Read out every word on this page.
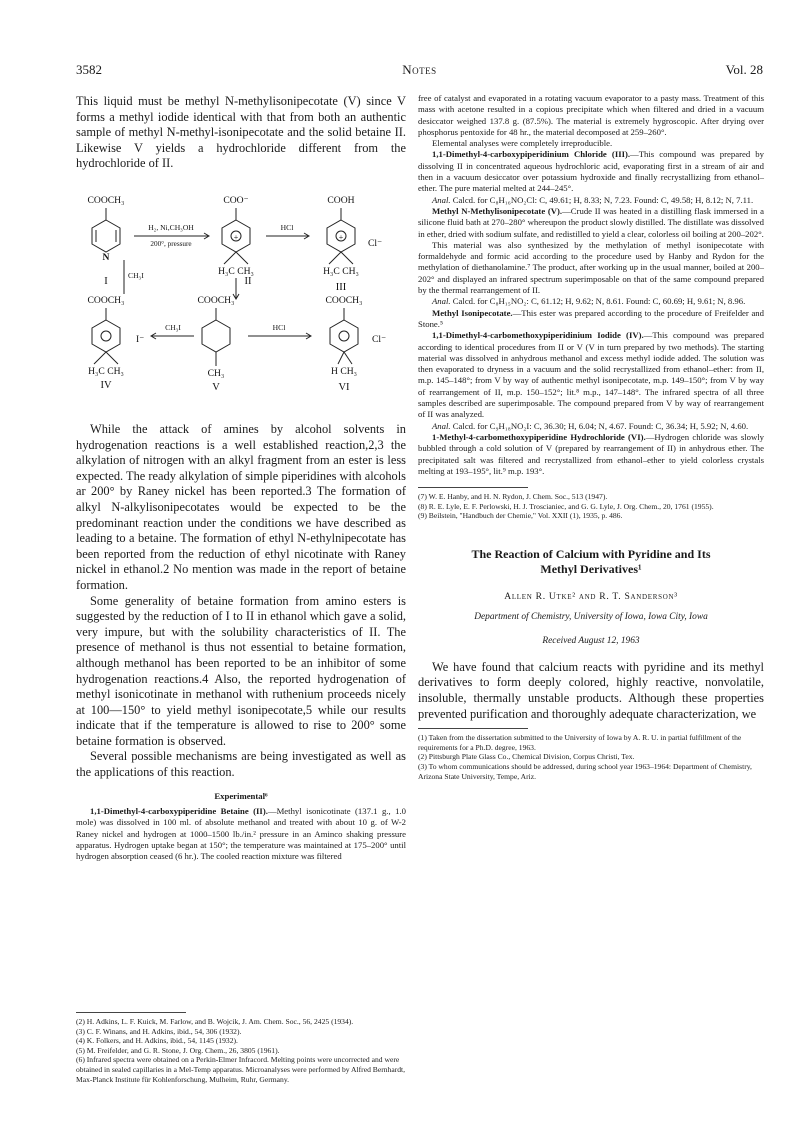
3582	Notes	Vol. 28

This liquid must be methyl N-methylisonipecotate (V) since V forms a methyl iodide identical with that from both an authentic sample of methyl N-methyl-isonipecotate and the solid betaine II. Likewise V yields a hydrochloride different from the hydrochloride of II.

COOCH₃
N
I
COO⁻
+
H₃C CH₃
II
COOH
+
H₃C CH₃
Cl⁻
III
H₂, Ni,CH₃OH
200°, pressure
HCl
CH₃I
COOCH₃
H₃C CH₃
IV
I⁻
CH₃I
COOCH₃
CH₃
V
HCl
COOCH₃
H CH₃
Cl⁻
VI

While the attack of amines by alcohol solvents in hydrogenation reactions is a well established reaction,2,3 the alkylation of nitrogen with an alkyl fragment from an ester is less expected. The ready alkylation of simple piperidines with alcohols ar 200° by Raney nickel has been reported.3 The formation of alkyl N-alkylisonipecotates would be expected to be the predominant reaction under the conditions we have described as leading to a betaine. The formation of ethyl N-ethylnipecotate has been reported from the reduction of ethyl nicotinate with Raney nickel in ethanol.2 No mention was made in the report of betaine formation.

Some generality of betaine formation from amino esters is suggested by the reduction of I to II in ethanol which gave a solid, very impure, but with the solubility characteristics of II. The presence of methanol is thus not essential to betaine formation, although methanol has been reported to be an inhibitor of some hydrogenation reactions.4 Also, the reported hydrogenation of methyl isonicotinate in methanol with ruthenium proceeds nicely at 100—150° to yield methyl isonipecotate,5 while our results indicate that if the temperature is allowed to rise to 200° some betaine formation is observed.

Several possible mechanisms are being investigated as well as the applications of this reaction.

Experimental⁶

1,1-Dimethyl-4-carboxypiperidine Betaine (II).—Methyl isonicotinate (137.1 g., 1.0 mole) was dissolved in 100 ml. of absolute methanol and treated with about 10 g. of W-2 Raney nickel and hydrogen at 1000–1500 lb./in.² pressure in an Aminco shaking pressure apparatus. Hydrogen uptake began at 150°; the temperature was maintained at 175–200° until hydrogen absorption ceased (6 hr.). The cooled reaction mixture was filtered

(2) H. Adkins, L. F. Kuick, M. Farlow, and B. Wojcik, J. Am. Chem. Soc., 56, 2425 (1934).

(3) C. F. Winans, and H. Adkins, ibid., 54, 306 (1932).

(4) K. Folkers, and H. Adkins, ibid., 54, 1145 (1932).

(5) M. Freifelder, and G. R. Stone, J. Org. Chem., 26, 3805 (1961).

(6) Infrared spectra were obtained on a Perkin-Elmer Infracord. Melting points were uncorrected and were obtained in sealed capillaries in a Mel-Temp apparatus. Microanalyses were performed by Alfred Bernhardt, Max-Planck Institute für Kohlenforschung, Mulheim, Ruhr, Germany.

free of catalyst and evaporated in a rotating vacuum evaporator to a pasty mass. Treatment of this mass with acetone resulted in a copious precipitate which when filtered and dried in a vacuum desiccator weighed 137.8 g. (87.5%). The material is extremely hygroscopic. After drying over phosphorus pentoxide for 48 hr., the material decomposed at 259–260°.

Elemental analyses were completely irreproducible.

1,1-Dimethyl-4-carboxypiperidinium Chloride (III).—This compound was prepared by dissolving II in concentrated aqueous hydrochloric acid, evaporating first in a stream of air and then in a vacuum desiccator over potassium hydroxide and finally recrystallizing from ethanol–ether. The pure material melted at 244–245°.

Anal. Calcd. for C₈H₁₆NO₂Cl: C, 49.61; H, 8.33; N, 7.23. Found: C, 49.58; H, 8.12; N, 7.11.

Methyl N-Methylisonipecotate (V).—Crude II was heated in a distilling flask immersed in a silicone fluid bath at 270–280° whereupon the product slowly distilled. The distillate was dissolved in ether, dried with sodium sulfate, and redistilled to yield a clear, colorless oil boiling at 200–202°.

This material was also synthesized by the methylation of methyl isonipecotate with formaldehyde and formic acid according to the procedure used by Hanby and Rydon for the methylation of diethanolamine.⁷ The product, after working up in the usual manner, boiled at 200–202° and displayed an infrared spectrum superimposable on that of the same compound prepared by the thermal rearrangement of II.

Anal. Calcd. for C₈H₁₅NO₂: C, 61.12; H, 9.62; N, 8.61. Found: C, 60.69; H, 9.61; N, 8.96.

Methyl Isonipecotate.—This ester was prepared according to the procedure of Freifelder and Stone.⁵

1,1-Dimethyl-4-carbomethoxypiperidinium Iodide (IV).—This compound was prepared according to identical procedures from II or V (V in turn prepared by two methods). The starting material was dissolved in anhydrous methanol and excess methyl iodide added. The solution was then evaporated to dryness in a vacuum and the solid recrystallized from ethanol–ether: from II, m.p. 145–148°; from V by way of authentic methyl isonipecotate, m.p. 149–150°; from V by way of rearrangement of II, m.p. 150–152°; lit.⁸ m.p., 147–148°. The infrared spectra of all three samples described are superimposable. The compound prepared from V by way of rearrangement of II was analyzed.

Anal. Calcd. for C₉H₁₈NO₂I: C, 36.30; H, 6.04; N, 4.67. Found: C, 36.34; H, 5.92; N, 4.60.

1-Methyl-4-carbomethoxypiperidine Hydrochloride (VI).—Hydrogen chloride was slowly bubbled through a cold solution of V (prepared by rearrangement of II) in anhydrous ether. The precipitated salt was filtered and recrystallized from ethanol–ether to yield colorless crystals melting at 193–195°, lit.⁹ m.p. 193°.

(7) W. E. Hanby, and H. N. Rydon, J. Chem. Soc., 513 (1947).

(8) R. E. Lyle, E. F. Perlowski, H. J. Troscianiec, and G. G. Lyle, J. Org. Chem., 20, 1761 (1955).

(9) Beilstein, "Handbuch der Chemie," Vol. XXII (1), 1935, p. 486.

The Reaction of Calcium with Pyridine and Its
Methyl Derivatives¹
Allen R. Utke² and R. T. Sanderson³
Department of Chemistry, University of Iowa, Iowa City, Iowa
Received August 12, 1963

We have found that calcium reacts with pyridine and its methyl derivatives to form deeply colored, highly reactive, nonvolatile, insoluble, thermally unstable products. Although these properties prevented purification and thoroughly adequate characterization, we

(1) Taken from the dissertation submitted to the University of Iowa by A. R. U. in partial fulfillment of the requirements for a Ph.D. degree, 1963.

(2) Pittsburgh Plate Glass Co., Chemical Division, Corpus Christi, Tex.

(3) To whom communications should be addressed, during school year 1963–1964: Department of Chemistry, Arizona State University, Tempe, Ariz.
